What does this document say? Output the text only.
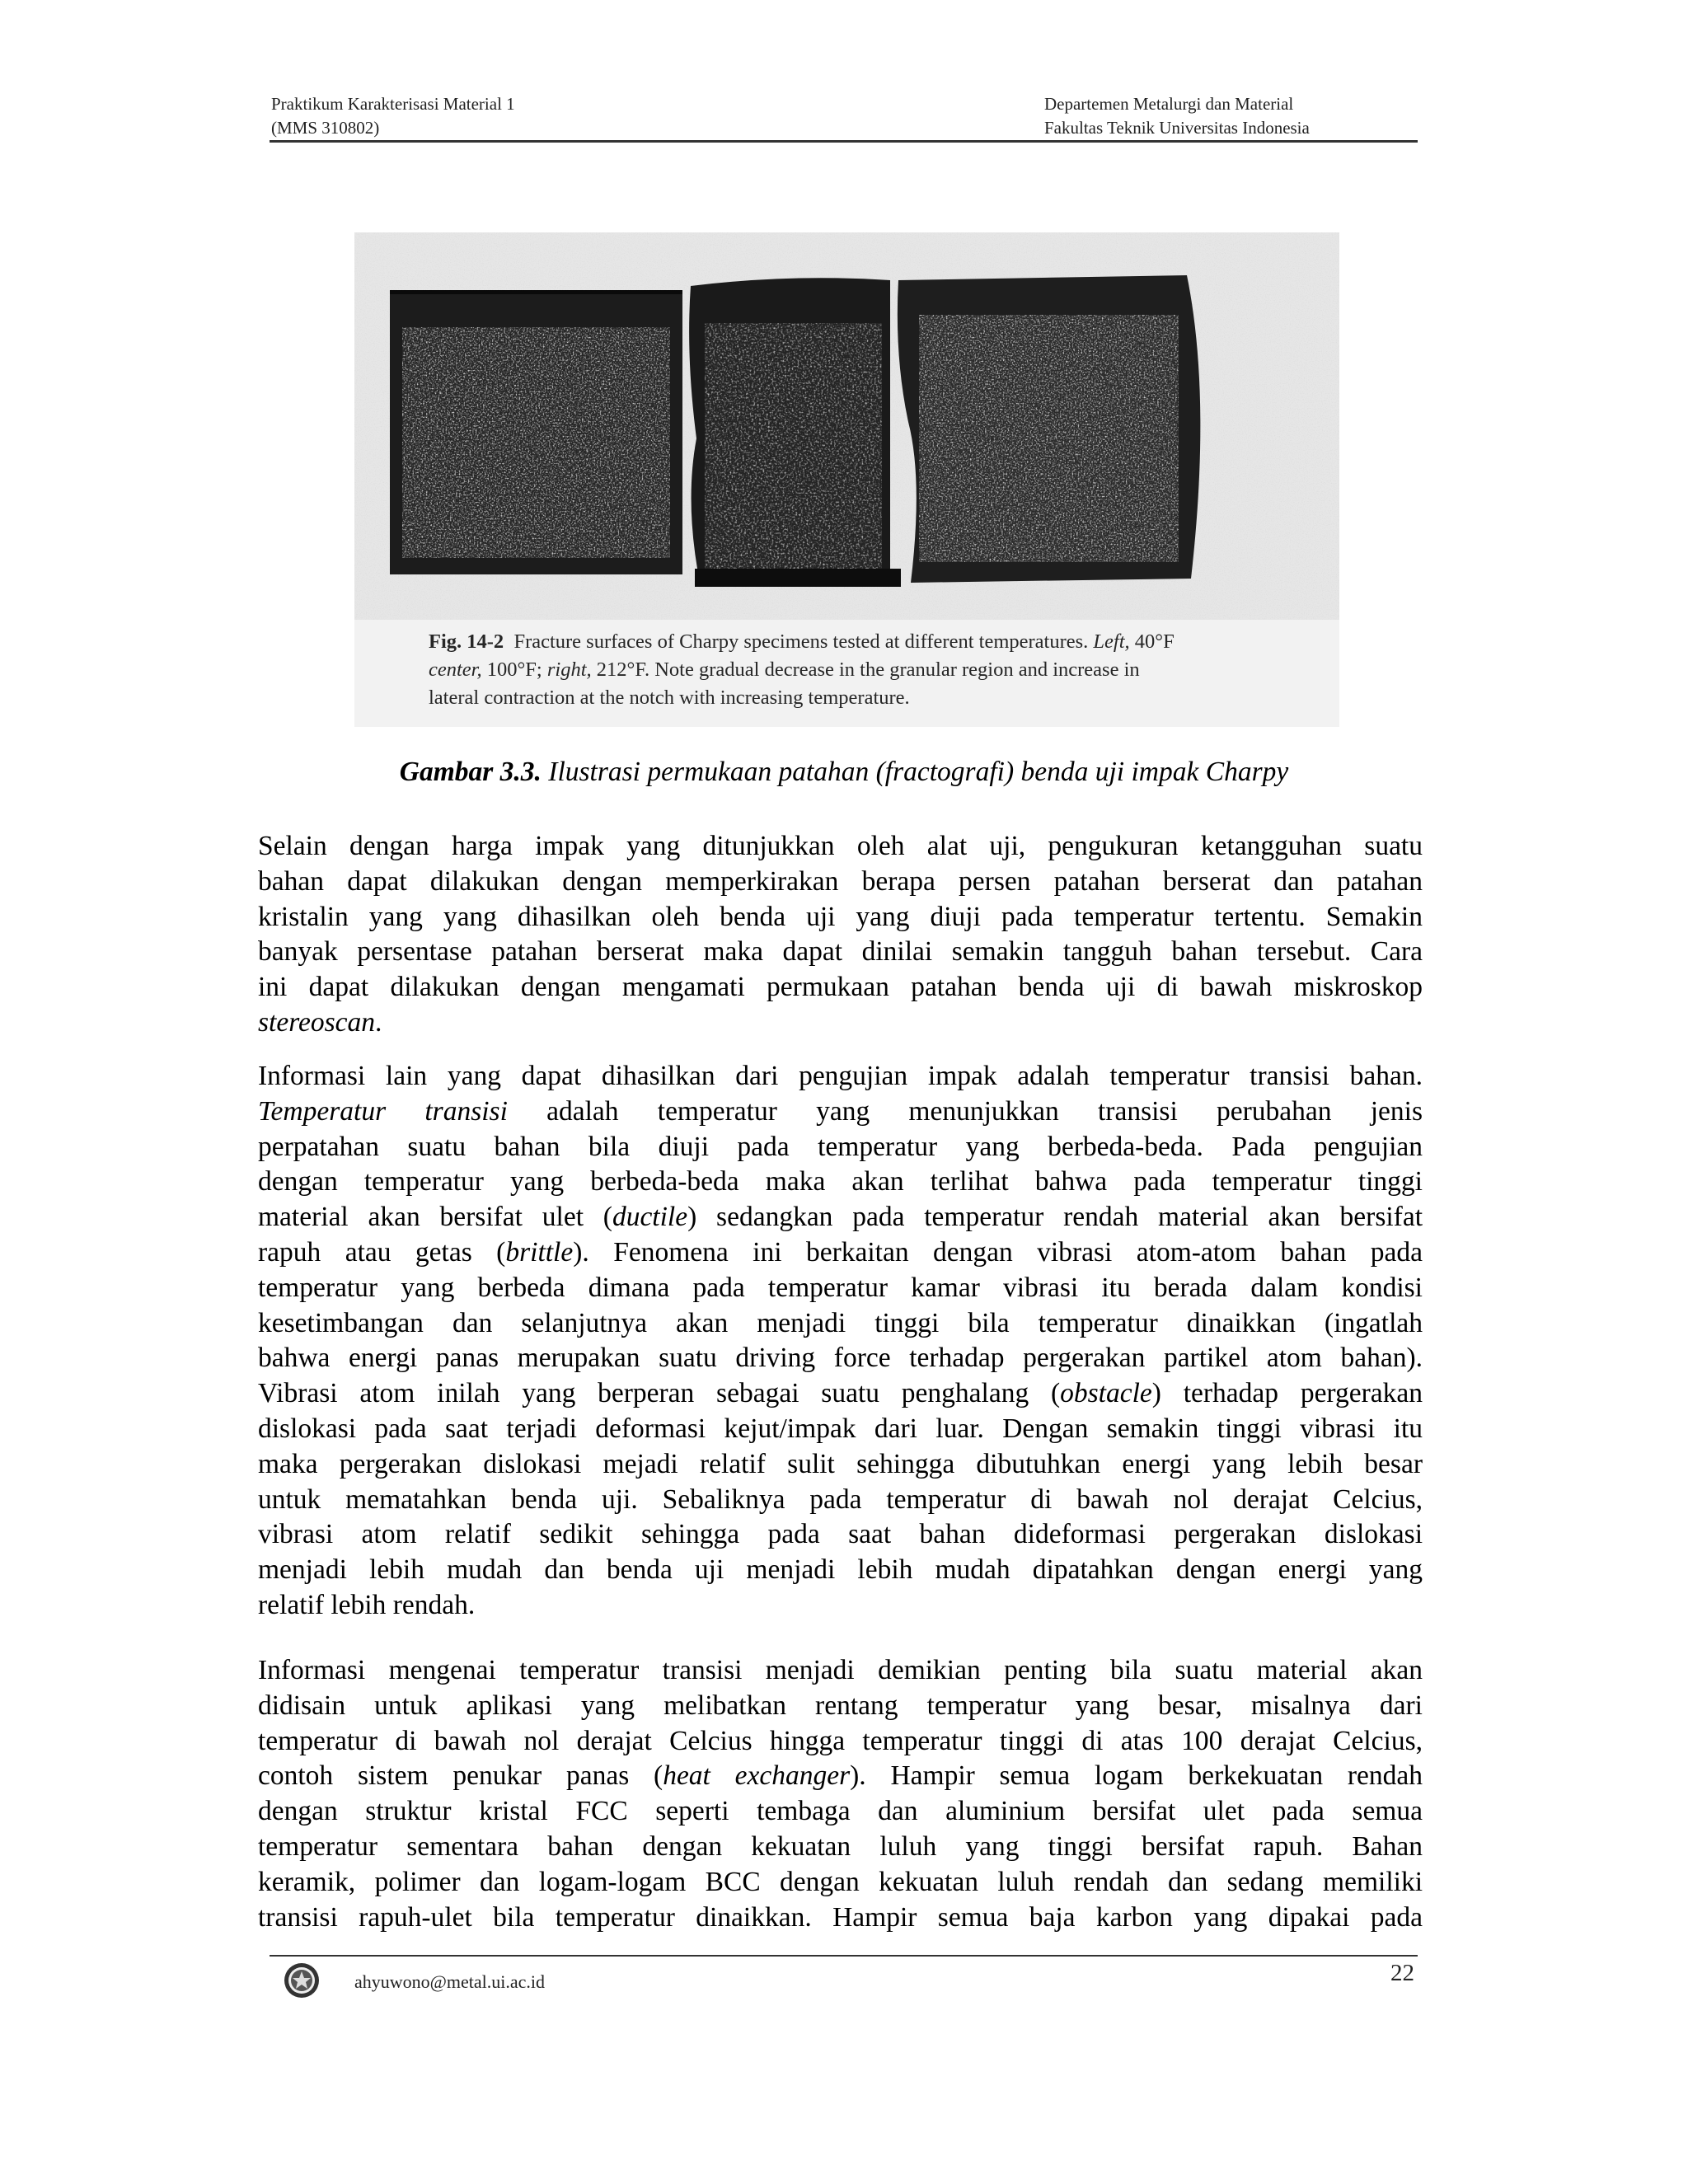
Praktikum Karakterisasi Material 1
(MMS 310802)
Departemen Metalurgi dan Material
Fakultas Teknik Universitas Indonesia
Fig. 14-2 Fracture surfaces of Charpy specimens tested at different temperatures. Left, 40°F
center, 100°F; right, 212°F. Note gradual decrease in the granular region and increase in
lateral contraction at the notch with increasing temperature.
Gambar 3.3. Ilustrasi permukaan patahan (fractografi) benda uji impak Charpy
Selain dengan harga impak yang ditunjukkan oleh alat uji, pengukuran ketangguhan suatu
bahan dapat dilakukan dengan memperkirakan berapa persen patahan berserat dan patahan
kristalin yang yang dihasilkan oleh benda uji yang diuji pada temperatur tertentu. Semakin
banyak persentase patahan berserat maka dapat dinilai semakin tangguh bahan tersebut. Cara
ini dapat dilakukan dengan mengamati permukaan patahan benda uji di bawah miskroskop
stereoscan.
Informasi lain yang dapat dihasilkan dari pengujian impak adalah temperatur transisi bahan.
Temperatur transisi adalah temperatur yang menunjukkan transisi perubahan jenis
perpatahan suatu bahan bila diuji pada temperatur yang berbeda-beda. Pada pengujian
dengan temperatur yang berbeda-beda maka akan terlihat bahwa pada temperatur tinggi
material akan bersifat ulet (ductile) sedangkan pada temperatur rendah material akan bersifat
rapuh atau getas (brittle). Fenomena ini berkaitan dengan vibrasi atom-atom bahan pada
temperatur yang berbeda dimana pada temperatur kamar vibrasi itu berada dalam kondisi
kesetimbangan dan selanjutnya akan menjadi tinggi bila temperatur dinaikkan (ingatlah
bahwa energi panas merupakan suatu driving force terhadap pergerakan partikel atom bahan).
Vibrasi atom inilah yang berperan sebagai suatu penghalang (obstacle) terhadap pergerakan
dislokasi pada saat terjadi deformasi kejut/impak dari luar. Dengan semakin tinggi vibrasi itu
maka pergerakan dislokasi mejadi relatif sulit sehingga dibutuhkan energi yang lebih besar
untuk mematahkan benda uji. Sebaliknya pada temperatur di bawah nol derajat Celcius,
vibrasi atom relatif sedikit sehingga pada saat bahan dideformasi pergerakan dislokasi
menjadi lebih mudah dan benda uji menjadi lebih mudah dipatahkan dengan energi yang
relatif lebih rendah.
Informasi mengenai temperatur transisi menjadi demikian penting bila suatu material akan
didisain untuk aplikasi yang melibatkan rentang temperatur yang besar, misalnya dari
temperatur di bawah nol derajat Celcius hingga temperatur tinggi di atas 100 derajat Celcius,
contoh sistem penukar panas (heat exchanger). Hampir semua logam berkekuatan rendah
dengan struktur kristal FCC seperti tembaga dan aluminium bersifat ulet pada semua
temperatur sementara bahan dengan kekuatan luluh yang tinggi bersifat rapuh. Bahan
keramik, polimer dan logam-logam BCC dengan kekuatan luluh rendah dan sedang memiliki
transisi rapuh-ulet bila temperatur dinaikkan. Hampir semua baja karbon yang dipakai pada
ahyuwono@metal.ui.ac.id	22
